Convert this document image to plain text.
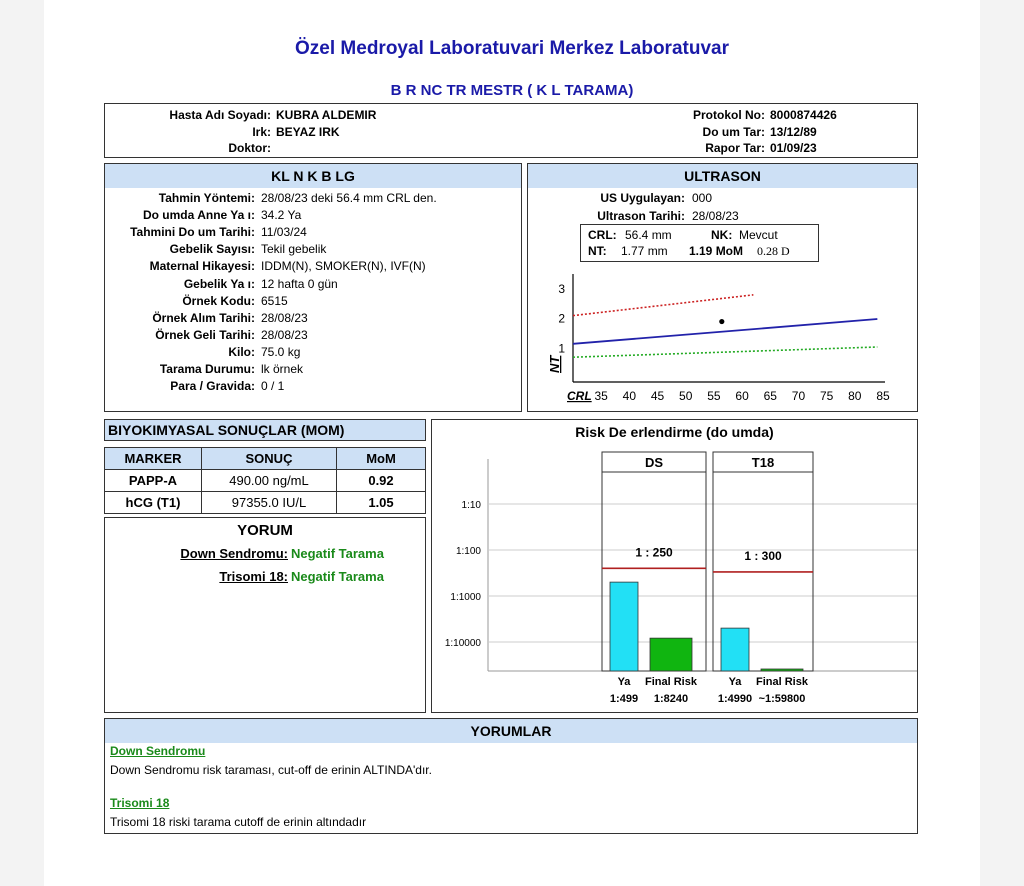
Özel Medroyal Laboratuvari Merkez Laboratuvar
B R NC TR MESTR ( K L TARAMA)
Hasta Adı Soyadı: KUBRA ALDEMIR
Irk: BEYAZ IRK
Doktor:
Protokol No: 8000874426
Do um Tar: 13/12/89
Rapor Tar: 01/09/23
KL N K B LG
Tahmin Yöntemi: 28/08/23 deki 56.4 mm CRL den.
Do umda Anne Ya ı: 34.2 Ya
Tahmini Do um Tarihi: 11/03/24
Gebelik Sayısı: Tekil gebelik
Maternal Hikayesi: IDDM(N), SMOKER(N), IVF(N)
Gebelik Ya ı: 12 hafta 0 gün
Örnek Kodu: 6515
Örnek Alım Tarihi: 28/08/23
Örnek Geli Tarihi: 28/08/23
Kilo: 75.0 kg
Tarama Durumu: lk örnek
Para / Gravida: 0 / 1
ULTRASON
US Uygulayan: 000
Ultrason Tarihi: 28/08/23
CRL: 56.4 mm	NK: Mevcut
NT: 1.77 mm 1.19 MoM 0.28 D
1
2
3
35 40 45 50 55 60 65 70 75 80 85
NT
CRL
BIYOKIMYASAL SONUÇLAR (MOM)
MARKER	SONUÇ	MoM
PAPP-A	490.00 ng/mL	0.92
hCG (T1)	97355.0 IU/L	1.05
YORUM
Down Sendromu: Negatif Tarama
Trisomi 18: Negatif Tarama
Risk De erlendirme (do umda)
1:10
1:100
1:1000
1:10000
DS
1 : 250
Ya
1:499
Final Risk
1:8240
T18
1 : 300
Ya
1:4990
Final Risk
~1:59800
YORUMLAR
Down Sendromu
Down Sendromu risk taraması, cut-off de erinin ALTINDA'dır.
Trisomi 18
Trisomi 18 riski tarama cutoff de erinin altındadır
